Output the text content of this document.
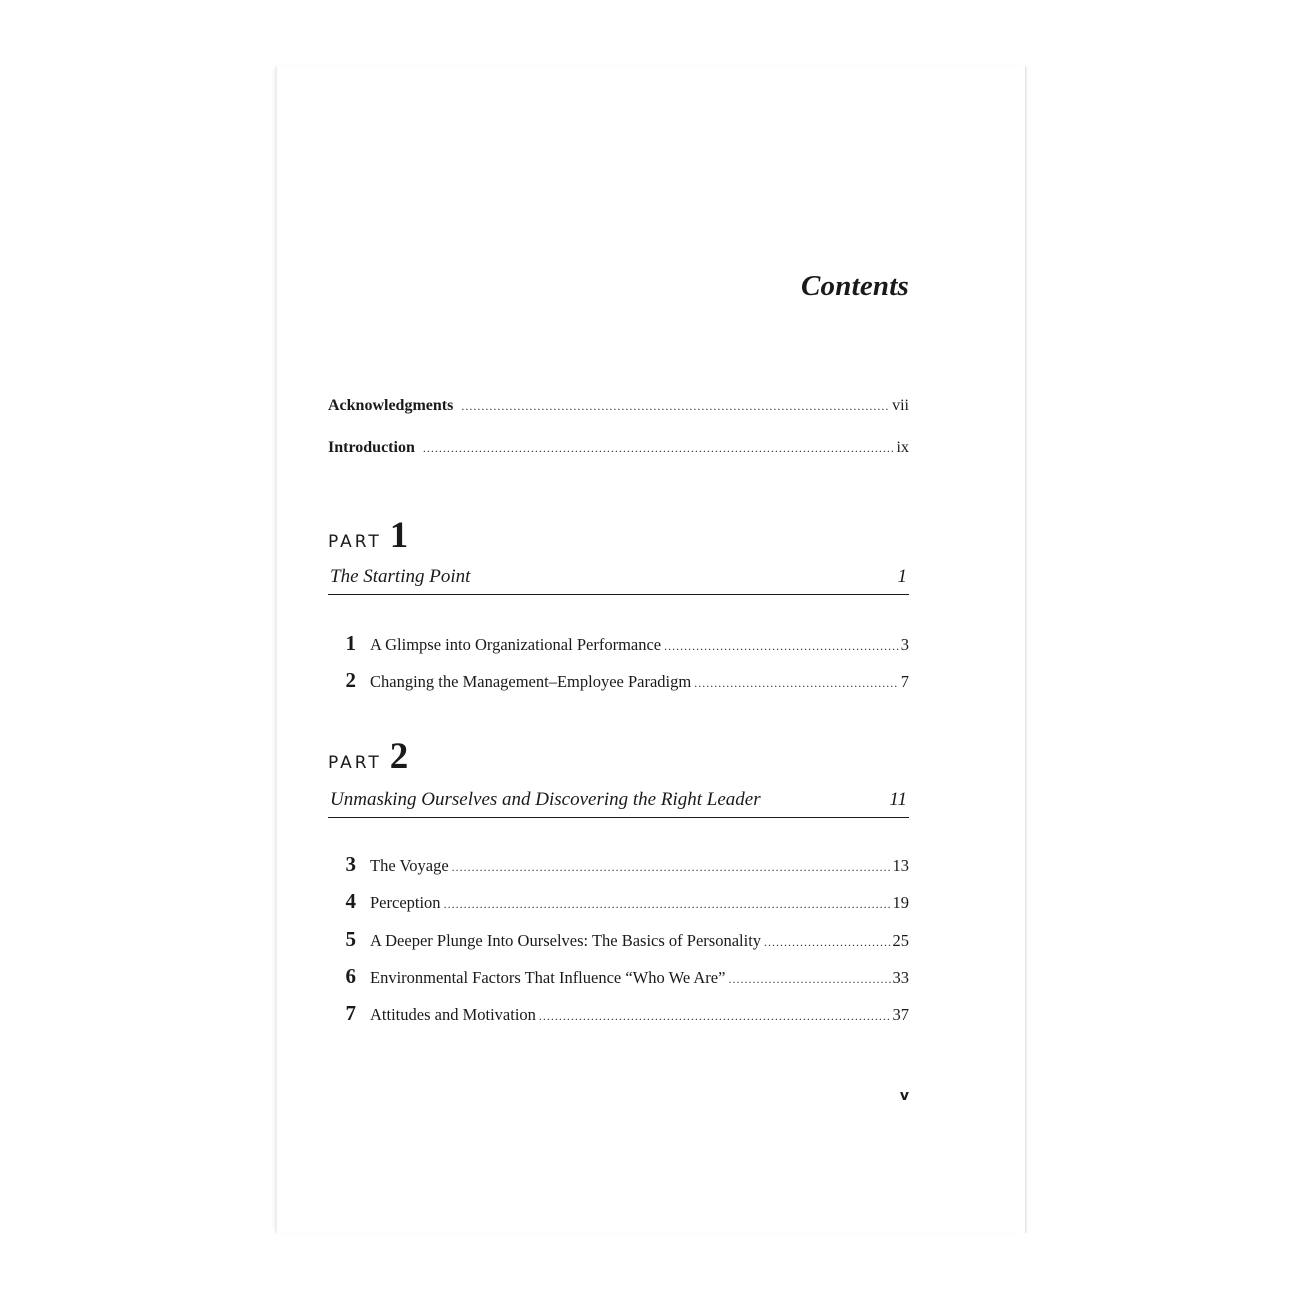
Contents
Acknowledgments .....	vii
Introduction .....	ix
PART 1
The Starting Point	1
1 A Glimpse into Organizational Performance .....	3
2 Changing the Management–Employee Paradigm .....	7
PART 2
Unmasking Ourselves and Discovering the Right Leader	11
3 The Voyage .....	13
4 Perception .....	19
5 A Deeper Plunge Into Ourselves: The Basics of Personality .....	25
6 Environmental Factors That Influence “Who We Are” .....	33
7 Attitudes and Motivation .....	37
v
